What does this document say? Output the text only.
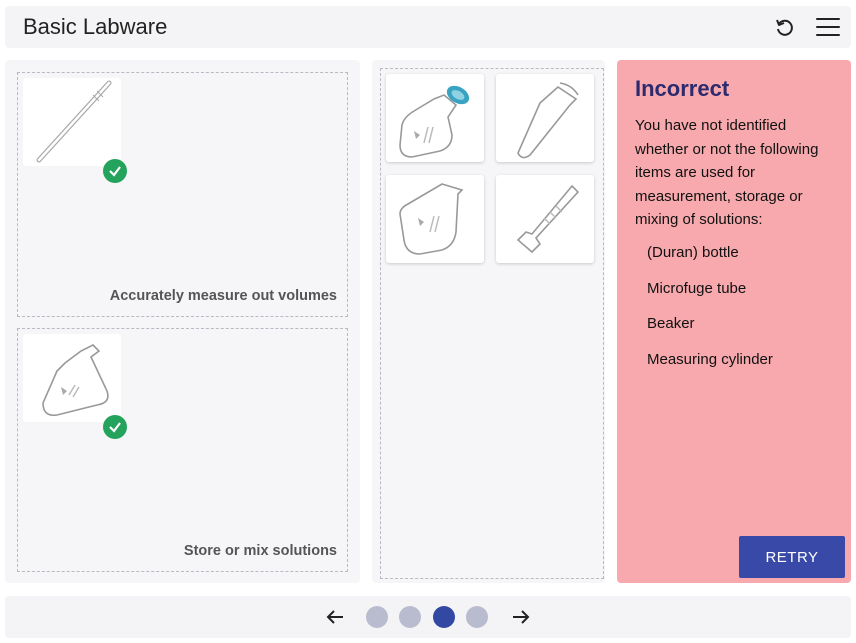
Basic Labware
Accurately measure out volumes
Store or mix solutions
Incorrect
You have not identified whether or not the following items are used for measurement, storage or mixing of solutions:
(Duran) bottle
Microfuge tube
Beaker
Measuring cylinder
RETRY
